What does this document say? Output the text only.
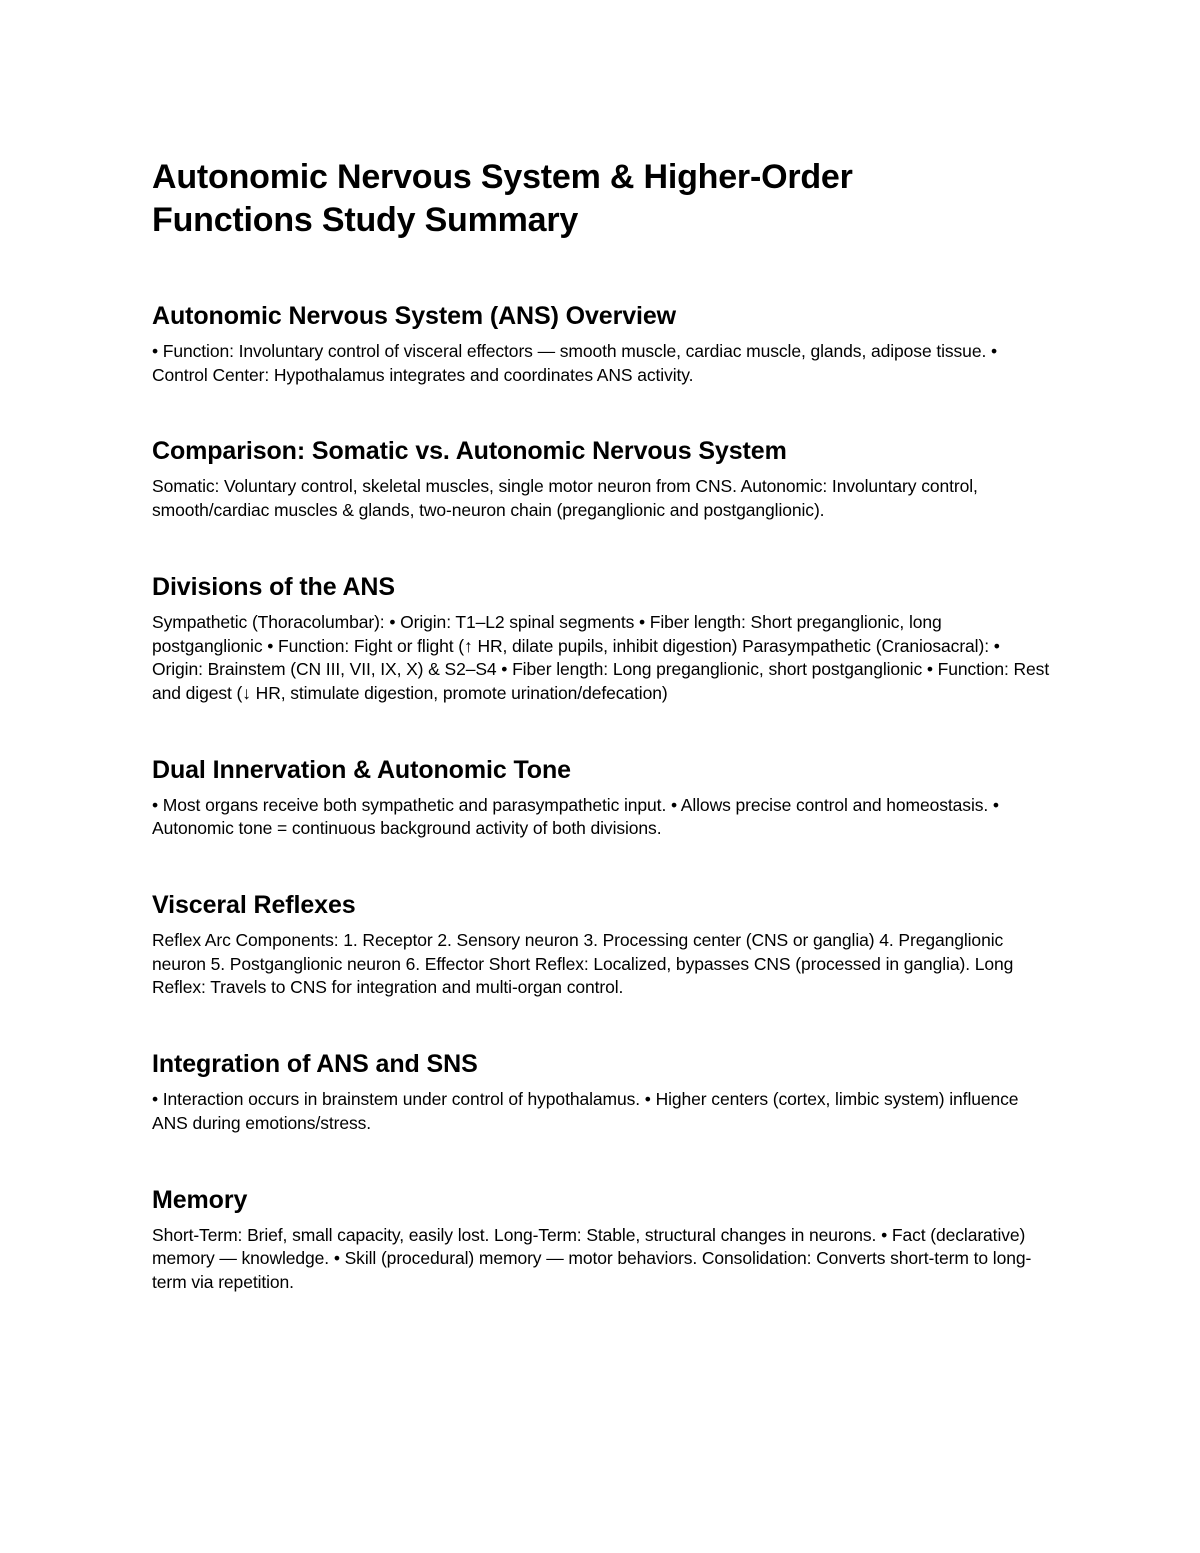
Autonomic Nervous System & Higher-Order
Functions Study Summary
Autonomic Nervous System (ANS) Overview

• Function: Involuntary control of visceral effectors — smooth muscle, cardiac muscle, glands, adipose tissue. • Control Center: Hypothalamus integrates and coordinates ANS activity.

Comparison: Somatic vs. Autonomic Nervous System

Somatic: Voluntary control, skeletal muscles, single motor neuron from CNS. Autonomic: Involuntary control, smooth/cardiac muscles & glands, two-neuron chain (preganglionic and postganglionic).

Divisions of the ANS

Sympathetic (Thoracolumbar): • Origin: T1–L2 spinal segments • Fiber length: Short preganglionic, long postganglionic • Function: Fight or flight (↑ HR, dilate pupils, inhibit digestion) Parasympathetic (Craniosacral): • Origin: Brainstem (CN III, VII, IX, X) & S2–S4 • Fiber length: Long preganglionic, short postganglionic • Function: Rest and digest (↓ HR, stimulate digestion, promote urination/defecation)

Dual Innervation & Autonomic Tone

• Most organs receive both sympathetic and parasympathetic input. • Allows precise control and homeostasis. • Autonomic tone = continuous background activity of both divisions.

Visceral Reflexes

Reflex Arc Components: 1. Receptor 2. Sensory neuron 3. Processing center (CNS or ganglia) 4. Preganglionic neuron 5. Postganglionic neuron 6. Effector Short Reflex: Localized, bypasses CNS (processed in ganglia). Long Reflex: Travels to CNS for integration and multi-organ control.

Integration of ANS and SNS

• Interaction occurs in brainstem under control of hypothalamus. • Higher centers (cortex, limbic system) influence ANS during emotions/stress.

Memory

Short-Term: Brief, small capacity, easily lost. Long-Term: Stable, structural changes in neurons. • Fact (declarative) memory — knowledge. • Skill (procedural) memory — motor behaviors. Consolidation: Converts short-term to long-term via repetition.
